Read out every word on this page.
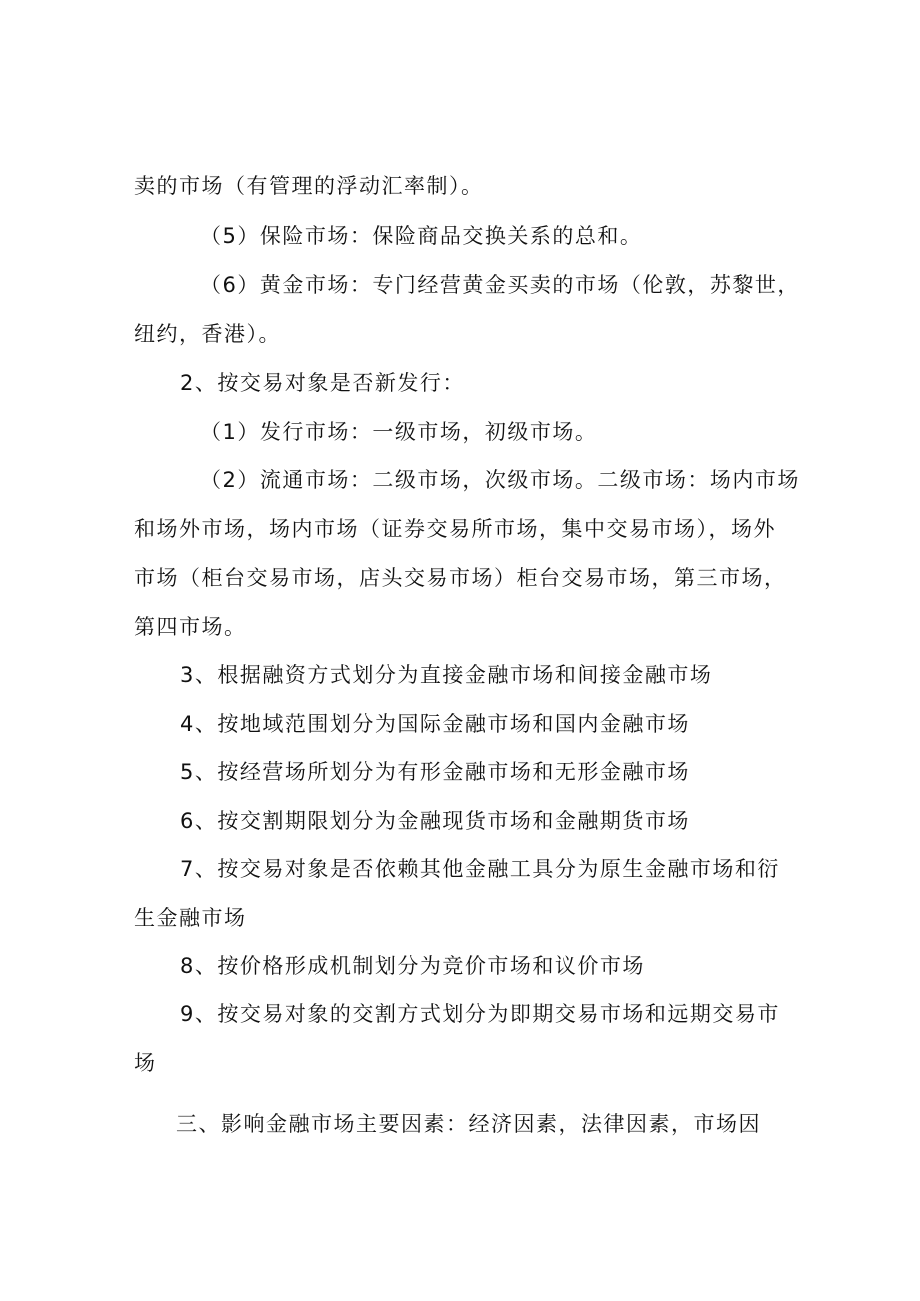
卖的市场（有管理的浮动汇率制）。
（5）保险市场：保险商品交换关系的总和。
（6）黄金市场：专门经营黄金买卖的市场（伦敦，苏黎世，
纽约，香港）。
2、按交易对象是否新发行：
（1）发行市场：一级市场，初级市场。
（2）流通市场：二级市场，次级市场。二级市场：场内市场
和场外市场，场内市场（证券交易所市场，集中交易市场），场外
市场（柜台交易市场，店头交易市场）柜台交易市场，第三市场，
第四市场。
3、根据融资方式划分为直接金融市场和间接金融市场
4、按地域范围划分为国际金融市场和国内金融市场
5、按经营场所划分为有形金融市场和无形金融市场
6、按交割期限划分为金融现货市场和金融期货市场
7、按交易对象是否依赖其他金融工具分为原生金融市场和衍
生金融市场
8、按价格形成机制划分为竞价市场和议价市场
9、按交易对象的交割方式划分为即期交易市场和远期交易市
场
三、影响金融市场主要因素：经济因素，法律因素，市场因
